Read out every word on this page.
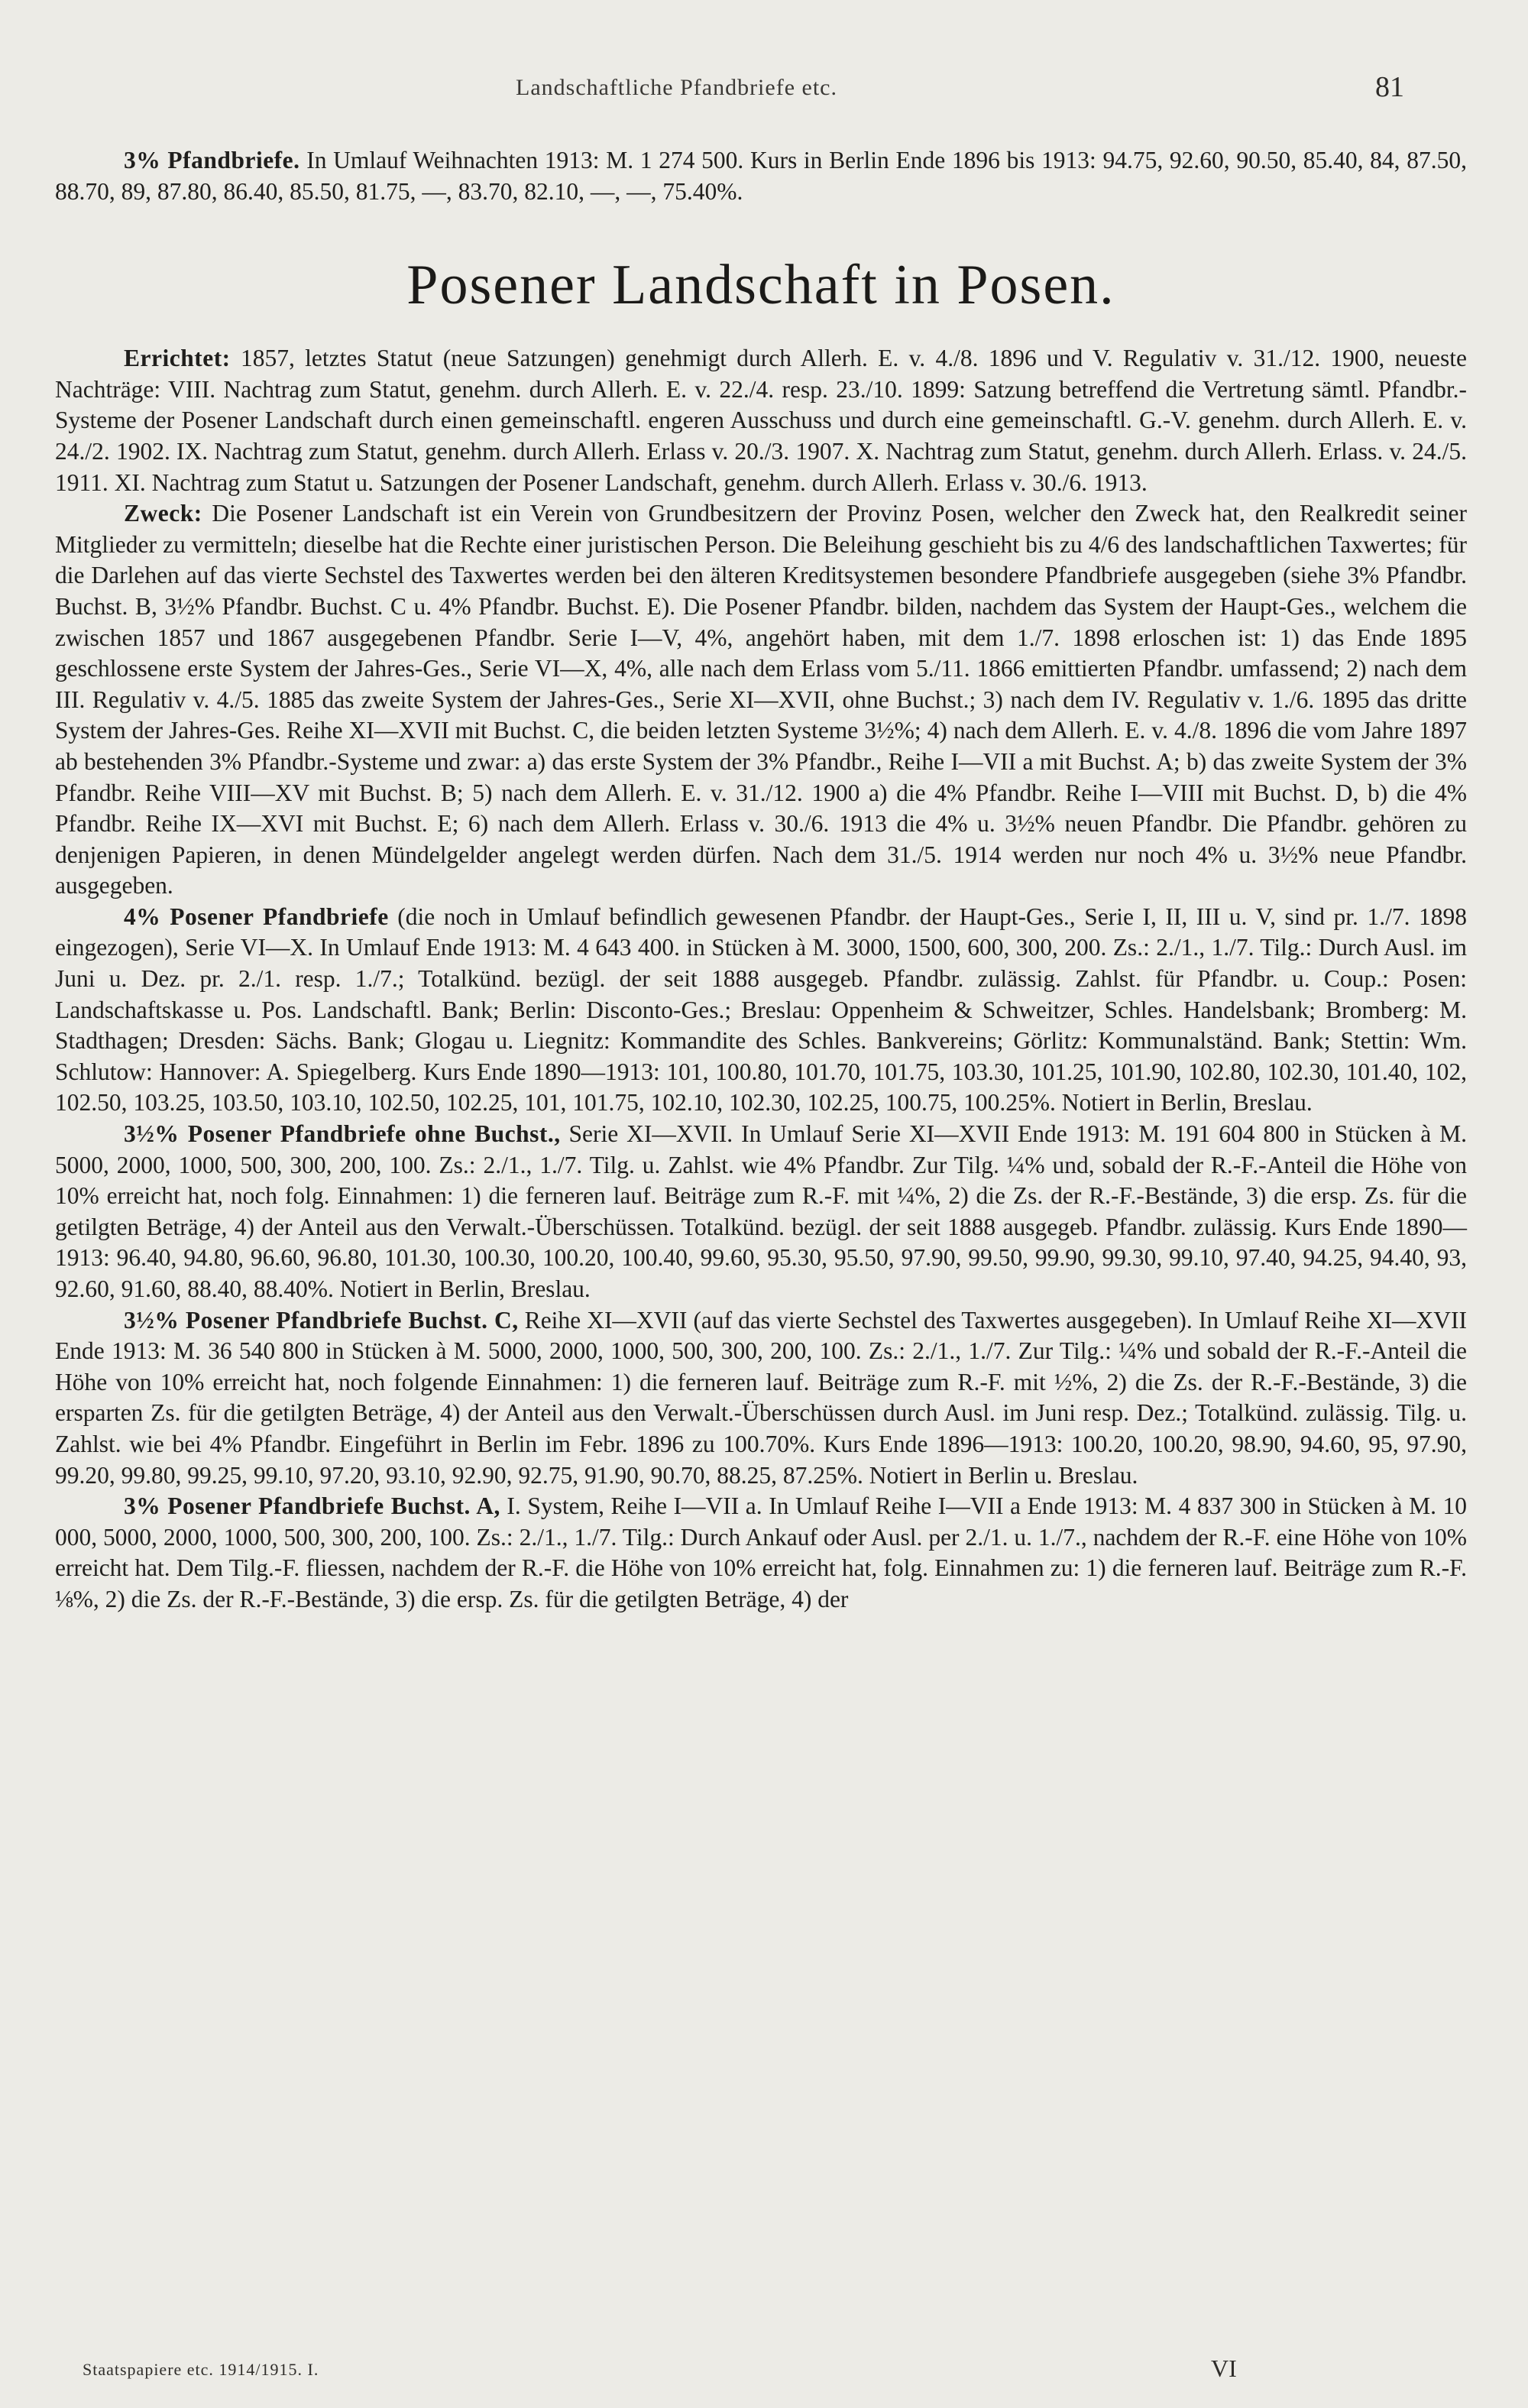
Landschaftliche Pfandbriefe etc.	81

3% Pfandbriefe. In Umlauf Weihnachten 1913: M. 1 274 500. Kurs in Berlin Ende 1896 bis 1913: 94.75, 92.60, 90.50, 85.40, 84, 87.50, 88.70, 89, 87.80, 86.40, 85.50, 81.75, —, 83.70, 82.10, —, —, 75.40%.

Posener Landschaft in Posen.

Errichtet: 1857, letztes Statut (neue Satzungen) genehmigt durch Allerh. E. v. 4./8. 1896 und V. Regulativ v. 31./12. 1900, neueste Nachträge: VIII. Nachtrag zum Statut, genehm. durch Allerh. E. v. 22./4. resp. 23./10. 1899: Satzung betreffend die Vertretung sämtl. Pfandbr.-Systeme der Posener Landschaft durch einen gemeinschaftl. engeren Ausschuss und durch eine gemeinschaftl. G.-V. genehm. durch Allerh. E. v. 24./2. 1902. IX. Nachtrag zum Statut, genehm. durch Allerh. Erlass v. 20./3. 1907. X. Nachtrag zum Statut, genehm. durch Allerh. Erlass. v. 24./5. 1911. XI. Nachtrag zum Statut u. Satzungen der Posener Landschaft, genehm. durch Allerh. Erlass v. 30./6. 1913.

Zweck: Die Posener Landschaft ist ein Verein von Grundbesitzern der Provinz Posen, welcher den Zweck hat, den Realkredit seiner Mitglieder zu vermitteln; dieselbe hat die Rechte einer juristischen Person. Die Beleihung geschieht bis zu 4/6 des landschaftlichen Taxwertes; für die Darlehen auf das vierte Sechstel des Taxwertes werden bei den älteren Kreditsystemen besondere Pfandbriefe ausgegeben (siehe 3% Pfandbr. Buchst. B, 3½% Pfandbr. Buchst. C u. 4% Pfandbr. Buchst. E). Die Posener Pfandbr. bilden, nachdem das System der Haupt-Ges., welchem die zwischen 1857 und 1867 ausgegebenen Pfandbr. Serie I—V, 4%, angehört haben, mit dem 1./7. 1898 erloschen ist: 1) das Ende 1895 geschlossene erste System der Jahres-Ges., Serie VI—X, 4%, alle nach dem Erlass vom 5./11. 1866 emittierten Pfandbr. umfassend; 2) nach dem III. Regulativ v. 4./5. 1885 das zweite System der Jahres-Ges., Serie XI—XVII, ohne Buchst.; 3) nach dem IV. Regulativ v. 1./6. 1895 das dritte System der Jahres-Ges. Reihe XI—XVII mit Buchst. C, die beiden letzten Systeme 3½%; 4) nach dem Allerh. E. v. 4./8. 1896 die vom Jahre 1897 ab bestehenden 3% Pfandbr.-Systeme und zwar: a) das erste System der 3% Pfandbr., Reihe I—VII a mit Buchst. A; b) das zweite System der 3% Pfandbr. Reihe VIII—XV mit Buchst. B; 5) nach dem Allerh. E. v. 31./12. 1900 a) die 4% Pfandbr. Reihe I—VIII mit Buchst. D, b) die 4% Pfandbr. Reihe IX—XVI mit Buchst. E; 6) nach dem Allerh. Erlass v. 30./6. 1913 die 4% u. 3½% neuen Pfandbr. Die Pfandbr. gehören zu denjenigen Papieren, in denen Mündelgelder angelegt werden dürfen. Nach dem 31./5. 1914 werden nur noch 4% u. 3½% neue Pfandbr. ausgegeben.

4% Posener Pfandbriefe (die noch in Umlauf befindlich gewesenen Pfandbr. der Haupt-Ges., Serie I, II, III u. V, sind pr. 1./7. 1898 eingezogen), Serie VI—X. In Umlauf Ende 1913: M. 4 643 400. in Stücken à M. 3000, 1500, 600, 300, 200. Zs.: 2./1., 1./7. Tilg.: Durch Ausl. im Juni u. Dez. pr. 2./1. resp. 1./7.; Totalkünd. bezügl. der seit 1888 ausgegeb. Pfandbr. zulässig. Zahlst. für Pfandbr. u. Coup.: Posen: Landschaftskasse u. Pos. Landschaftl. Bank; Berlin: Disconto-Ges.; Breslau: Oppenheim & Schweitzer, Schles. Handelsbank; Bromberg: M. Stadthagen; Dresden: Sächs. Bank; Glogau u. Liegnitz: Kommandite des Schles. Bankvereins; Görlitz: Kommunalständ. Bank; Stettin: Wm. Schlutow: Hannover: A. Spiegelberg. Kurs Ende 1890—1913: 101, 100.80, 101.70, 101.75, 103.30, 101.25, 101.90, 102.80, 102.30, 101.40, 102, 102.50, 103.25, 103.50, 103.10, 102.50, 102.25, 101, 101.75, 102.10, 102.30, 102.25, 100.75, 100.25%. Notiert in Berlin, Breslau.

3½% Posener Pfandbriefe ohne Buchst., Serie XI—XVII. In Umlauf Serie XI—XVII Ende 1913: M. 191 604 800 in Stücken à M. 5000, 2000, 1000, 500, 300, 200, 100. Zs.: 2./1., 1./7. Tilg. u. Zahlst. wie 4% Pfandbr. Zur Tilg. ¼% und, sobald der R.-F.-Anteil die Höhe von 10% erreicht hat, noch folg. Einnahmen: 1) die ferneren lauf. Beiträge zum R.-F. mit ¼%, 2) die Zs. der R.-F.-Bestände, 3) die ersp. Zs. für die getilgten Beträge, 4) der Anteil aus den Verwalt.-Überschüssen. Totalkünd. bezügl. der seit 1888 ausgegeb. Pfandbr. zulässig. Kurs Ende 1890—1913: 96.40, 94.80, 96.60, 96.80, 101.30, 100.30, 100.20, 100.40, 99.60, 95.30, 95.50, 97.90, 99.50, 99.90, 99.30, 99.10, 97.40, 94.25, 94.40, 93, 92.60, 91.60, 88.40, 88.40%. Notiert in Berlin, Breslau.

3½% Posener Pfandbriefe Buchst. C, Reihe XI—XVII (auf das vierte Sechstel des Taxwertes ausgegeben). In Umlauf Reihe XI—XVII Ende 1913: M. 36 540 800 in Stücken à M. 5000, 2000, 1000, 500, 300, 200, 100. Zs.: 2./1., 1./7. Zur Tilg.: ¼% und sobald der R.-F.-Anteil die Höhe von 10% erreicht hat, noch folgende Einnahmen: 1) die ferneren lauf. Beiträge zum R.-F. mit ½%, 2) die Zs. der R.-F.-Bestände, 3) die ersparten Zs. für die getilgten Beträge, 4) der Anteil aus den Verwalt.-Überschüssen durch Ausl. im Juni resp. Dez.; Totalkünd. zulässig. Tilg. u. Zahlst. wie bei 4% Pfandbr. Eingeführt in Berlin im Febr. 1896 zu 100.70%. Kurs Ende 1896—1913: 100.20, 100.20, 98.90, 94.60, 95, 97.90, 99.20, 99.80, 99.25, 99.10, 97.20, 93.10, 92.90, 92.75, 91.90, 90.70, 88.25, 87.25%. Notiert in Berlin u. Breslau.

3% Posener Pfandbriefe Buchst. A, I. System, Reihe I—VII a. In Umlauf Reihe I—VII a Ende 1913: M. 4 837 300 in Stücken à M. 10 000, 5000, 2000, 1000, 500, 300, 200, 100. Zs.: 2./1., 1./7. Tilg.: Durch Ankauf oder Ausl. per 2./1. u. 1./7., nachdem der R.-F. eine Höhe von 10% erreicht hat. Dem Tilg.-F. fliessen, nachdem der R.-F. die Höhe von 10% erreicht hat, folg. Einnahmen zu: 1) die ferneren lauf. Beiträge zum R.-F. ⅛%, 2) die Zs. der R.-F.-Bestände, 3) die ersp. Zs. für die getilgten Beträge, 4) der

Staatspapiere etc. 1914/1915. I.	VI
